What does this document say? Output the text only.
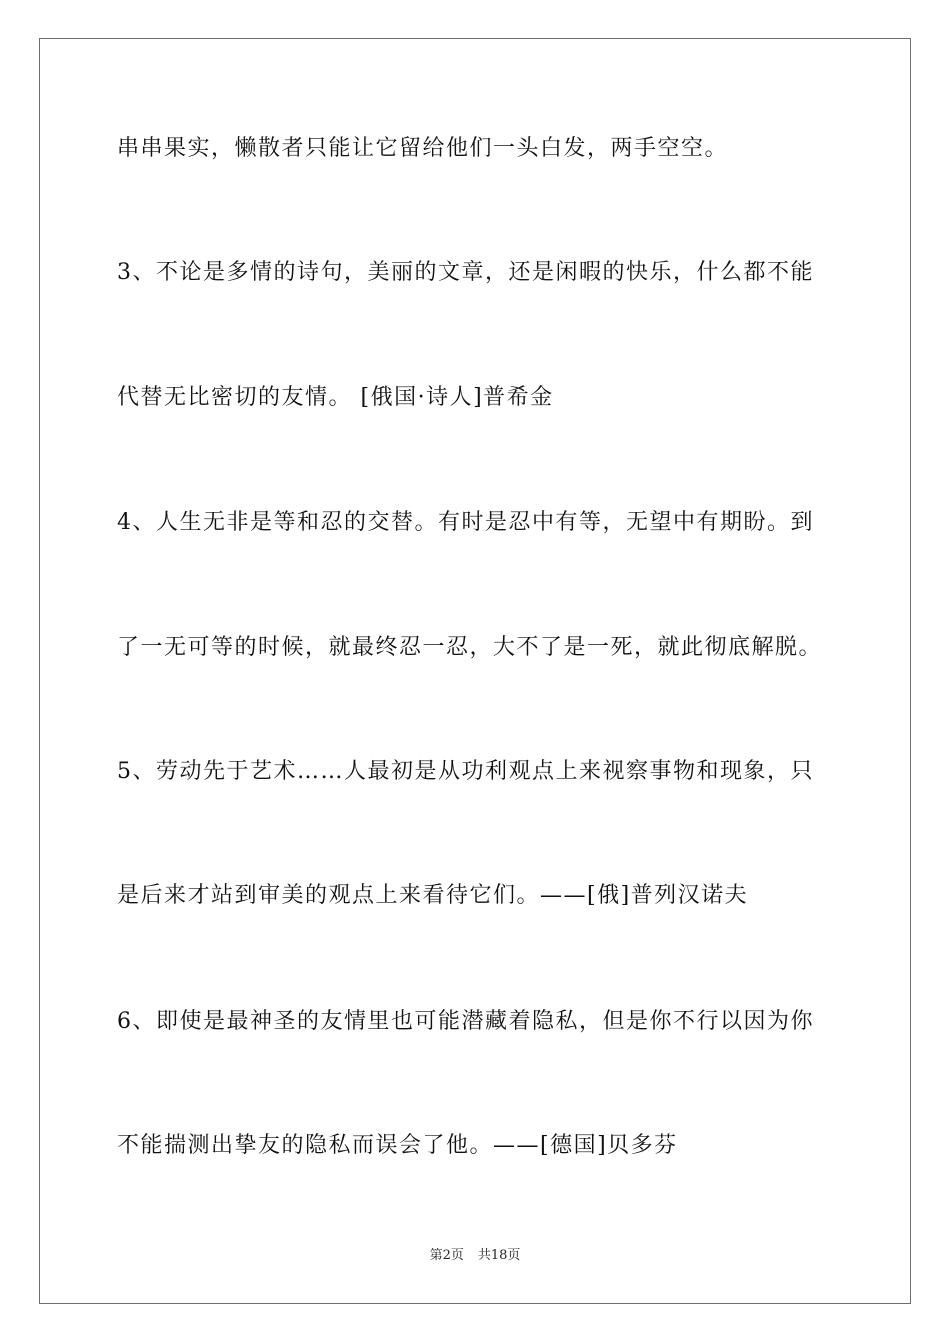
串串果实，懒散者只能让它留给他们一头白发，两手空空。
3、不论是多情的诗句，美丽的文章，还是闲暇的快乐，什么都不能
代替无比密切的友情。 [俄国·诗人]普希金
4、人生无非是等和忍的交替。有时是忍中有等，无望中有期盼。到
了一无可等的时候，就最终忍一忍，大不了是一死，就此彻底解脱。
5、劳动先于艺术……人最初是从功利观点上来视察事物和现象，只
是后来才站到审美的观点上来看待它们。——[俄]普列汉诺夫
6、即使是最神圣的友情里也可能潜藏着隐私，但是你不行以因为你
不能揣测出挚友的隐私而误会了他。——[德国]贝多芬
第2页 共18页
